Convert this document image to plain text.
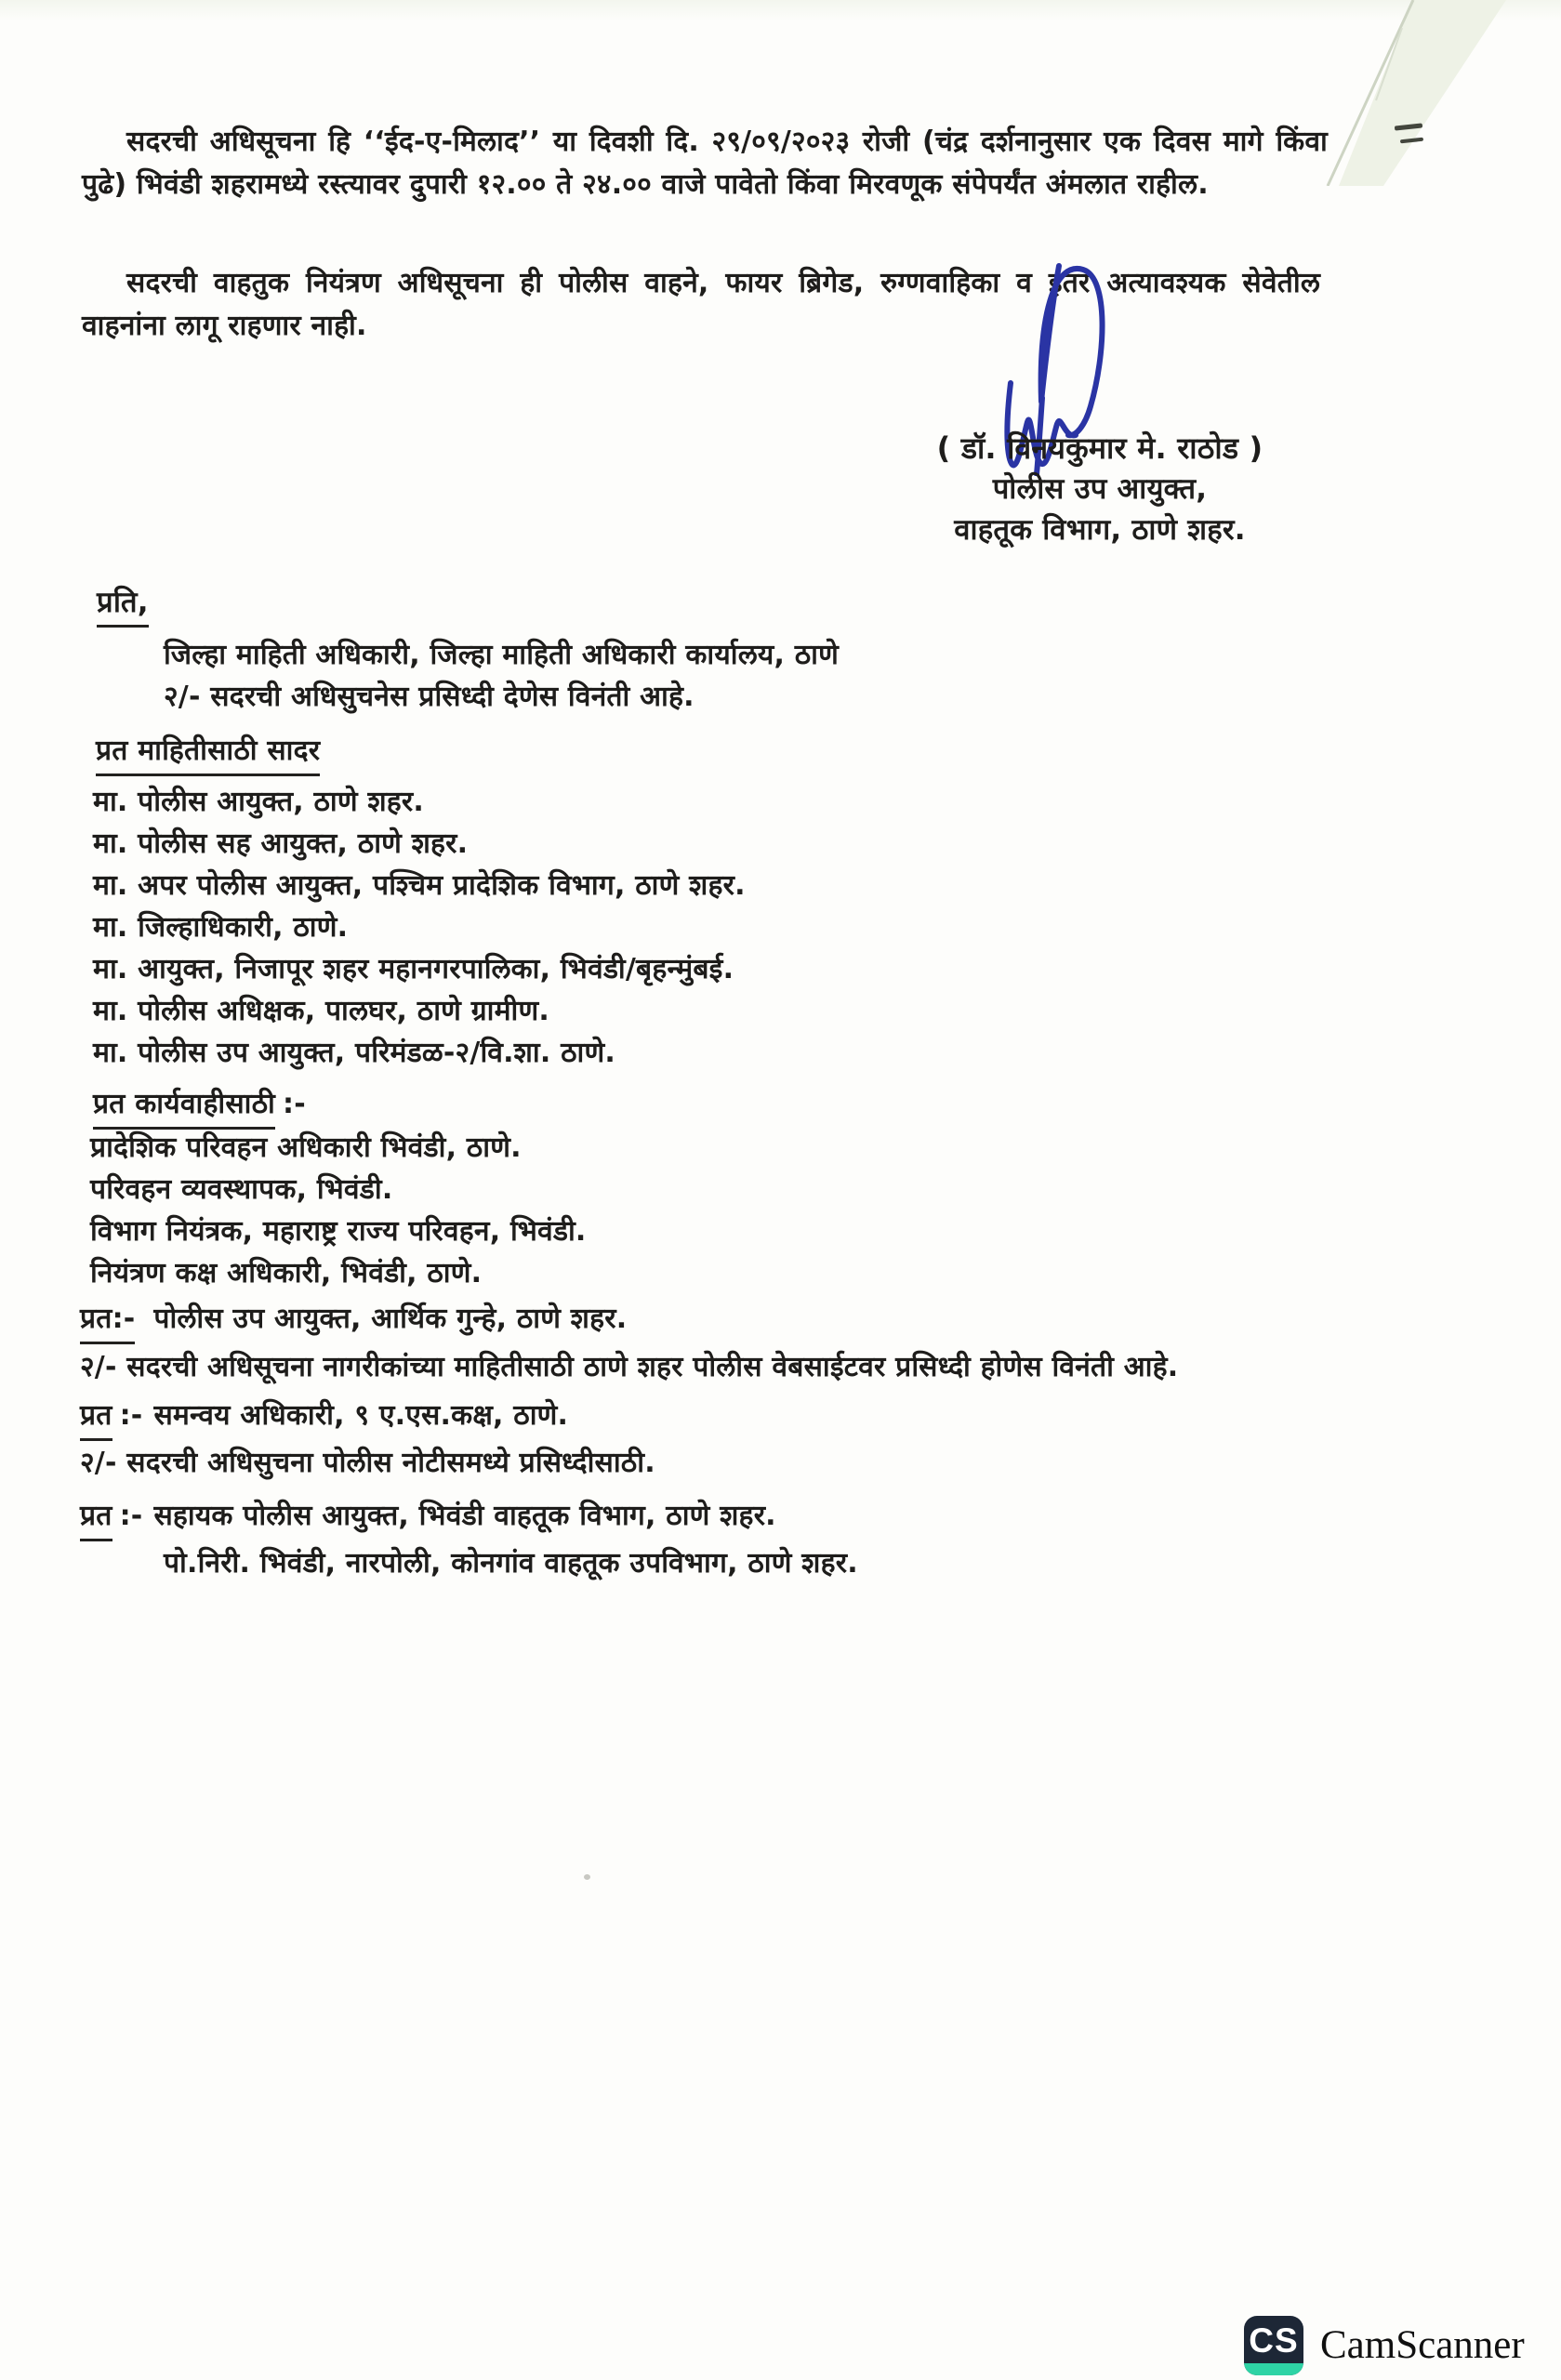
सदरची अधिसूचना हि ‘‘ईद-ए-मिलाद’’ या दिवशी दि. २९/०९/२०२३ रोजी (चंद्र दर्शनानुसार एक दिवस मागे किंवा पुढे) भिवंडी शहरामध्ये रस्त्यावर दुपारी १२.०० ते २४.०० वाजे पावेतो किंवा मिरवणूक संपेपर्यंत अंमलात राहील.

सदरची वाहतुक नियंत्रण अधिसूचना ही पोलीस वाहने, फायर ब्रिगेड, रुग्णवाहिका व इतर अत्यावश्यक सेवेतील वाहनांना लागू राहणार नाही.

( डॉ. विनयकुमार मे. राठोड )
पोलीस उप आयुक्त,
वाहतूक विभाग, ठाणे शहर.
प्रति,
जिल्हा माहिती अधिकारी, जिल्हा माहिती अधिकारी कार्यालय, ठाणे
२/- सदरची अधिसुचनेस प्रसिध्दी देणेस विनंती आहे.
प्रत माहितीसाठी सादर
मा. पोलीस आयुक्त, ठाणे शहर.
मा. पोलीस सह आयुक्त, ठाणे शहर.
मा. अपर पोलीस आयुक्त, पश्चिम प्रादेशिक विभाग, ठाणे शहर.
मा. जिल्हाधिकारी, ठाणे.
मा. आयुक्त, निजापूर शहर महानगरपालिका, भिवंडी/बृहन्मुंबई.
मा. पोलीस अधिक्षक, पालघर, ठाणे ग्रामीण.
मा. पोलीस उप आयुक्त, परिमंडळ-२/वि.शा. ठाणे.
प्रत कार्यवाहीसाठी :-
प्रादेशिक परिवहन अधिकारी भिवंडी, ठाणे.
परिवहन व्यवस्थापक, भिवंडी.
विभाग नियंत्रक, महाराष्ट्र राज्य परिवहन, भिवंडी.
नियंत्रण कक्ष अधिकारी, भिवंडी, ठाणे.
प्रत:- पोलीस उप आयुक्त, आर्थिक गुन्हे, ठाणे शहर.
२/- सदरची अधिसूचना नागरीकांच्या माहितीसाठी ठाणे शहर पोलीस वेबसाईटवर प्रसिध्दी होणेस विनंती आहे.
प्रत :- समन्वय अधिकारी, ९ ए.एस.कक्ष, ठाणे.
२/- सदरची अधिसुचना पोलीस नोटीसमध्ये प्रसिध्दीसाठी.
प्रत :- सहायक पोलीस आयुक्त, भिवंडी वाहतूक विभाग, ठाणे शहर.
पो.निरी. भिवंडी, नारपोली, कोनगांव वाहतूक उपविभाग, ठाणे शहर.
CS CamScanner
